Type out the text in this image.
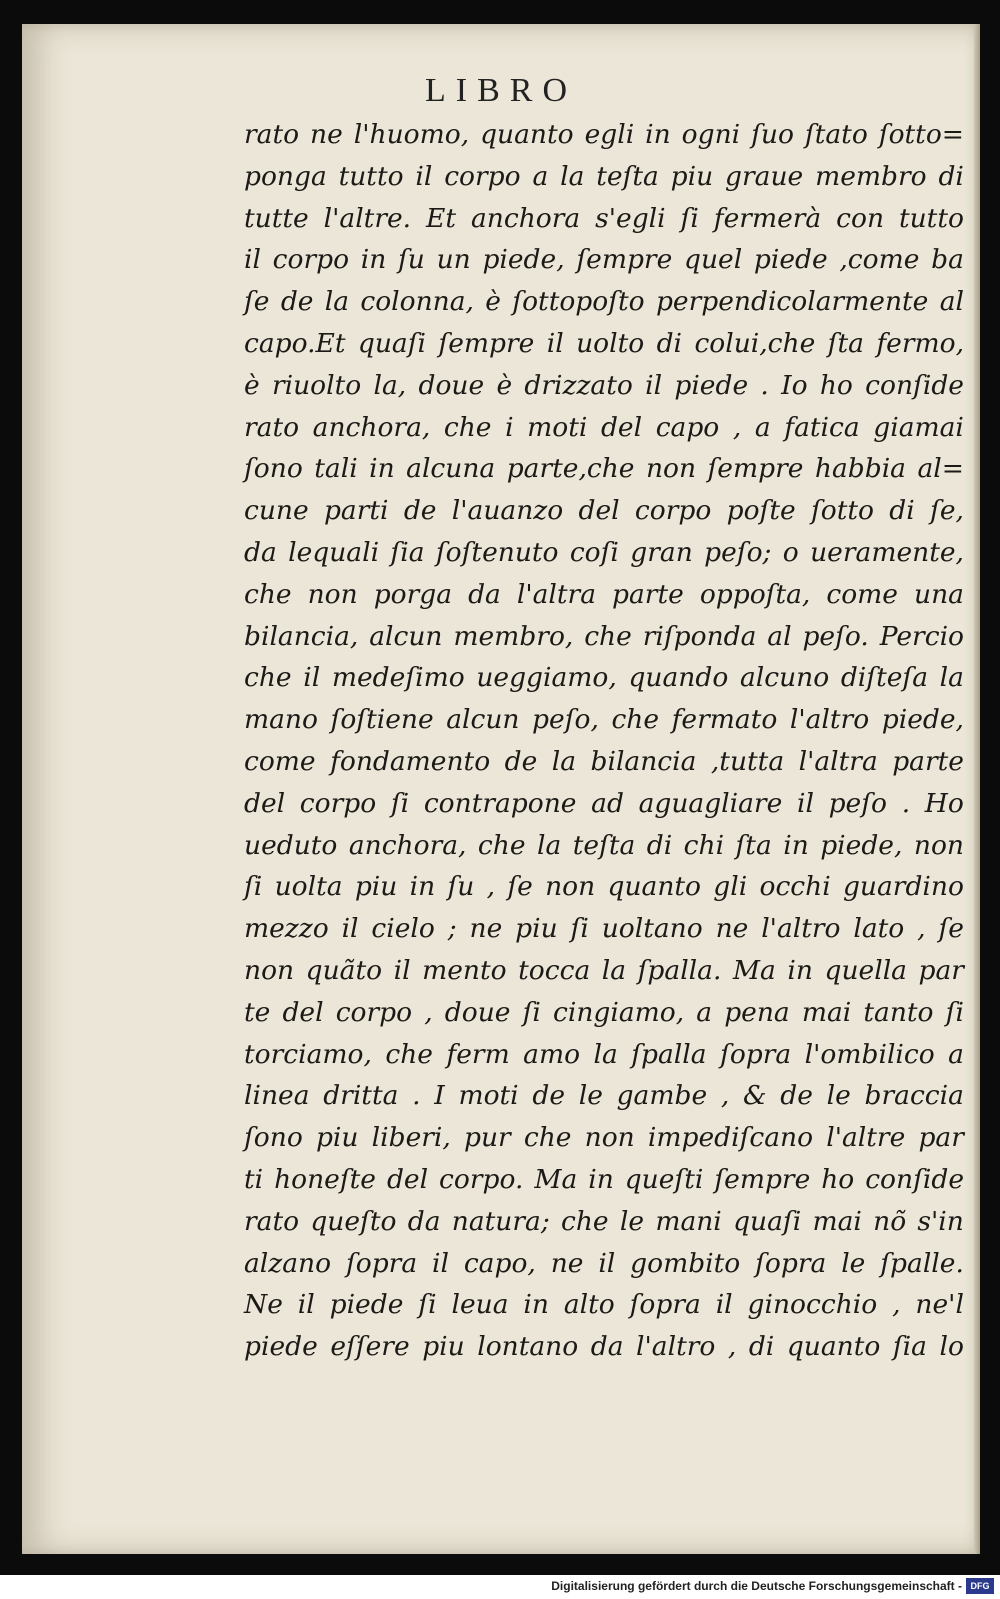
LIBRO
rato ne l'huomo, quanto egli in ogni ſuo ſtato ſotto=
ponga tutto il corpo a la teſta piu graue membro di
tutte l'altre. Et anchora s'egli ſi fermerà con tutto
il corpo in ſu un piede, ſempre quel piede ,come ba
ſe de la colonna, è ſottopoſto perpendicolarmente al
capo.Et quaſi ſempre il uolto di colui,che ſta fermo,
è riuolto la, doue è drizzato il piede . Io ho conſide
rato anchora, che i moti del capo , a fatica giamai
ſono tali in alcuna parte,che non ſempre habbia al=
cune parti de l'auanzo del corpo poſte ſotto di ſe,
da lequali ſia ſoſtenuto coſi gran peſo; o ueramente,
che non porga da l'altra parte oppoſta, come una
bilancia, alcun membro, che riſponda al peſo. Percio
che il medeſimo ueggiamo, quando alcuno diſteſa la
mano ſoſtiene alcun peſo, che fermato l'altro piede,
come fondamento de la bilancia ,tutta l'altra parte
del corpo ſi contrapone ad aguagliare il peſo . Ho
ueduto anchora, che la teſta di chi ſta in piede, non
ſi uolta piu in ſu , ſe non quanto gli occhi guardino
mezzo il cielo ; ne piu ſi uoltano ne l'altro lato , ſe
non quãto il mento tocca la ſpalla. Ma in quella par
te del corpo , doue ſi cingiamo, a pena mai tanto ſi
torciamo, che ferm amo la ſpalla ſopra l'ombilico a
linea dritta . I moti de le gambe , & de le braccia
ſono piu liberi, pur che non impediſcano l'altre par
ti honeſte del corpo. Ma in queſti ſempre ho conſide
rato queſto da natura; che le mani quaſi mai nõ s'in
alzano ſopra il capo, ne il gombito ſopra le ſpalle.
Ne il piede ſi leua in alto ſopra il ginocchio , ne'l
piede eſſere piu lontano da l'altro , di quanto ſia lo
Digitalisierung gefördert durch die Deutsche Forschungsgemeinschaft - DFG
